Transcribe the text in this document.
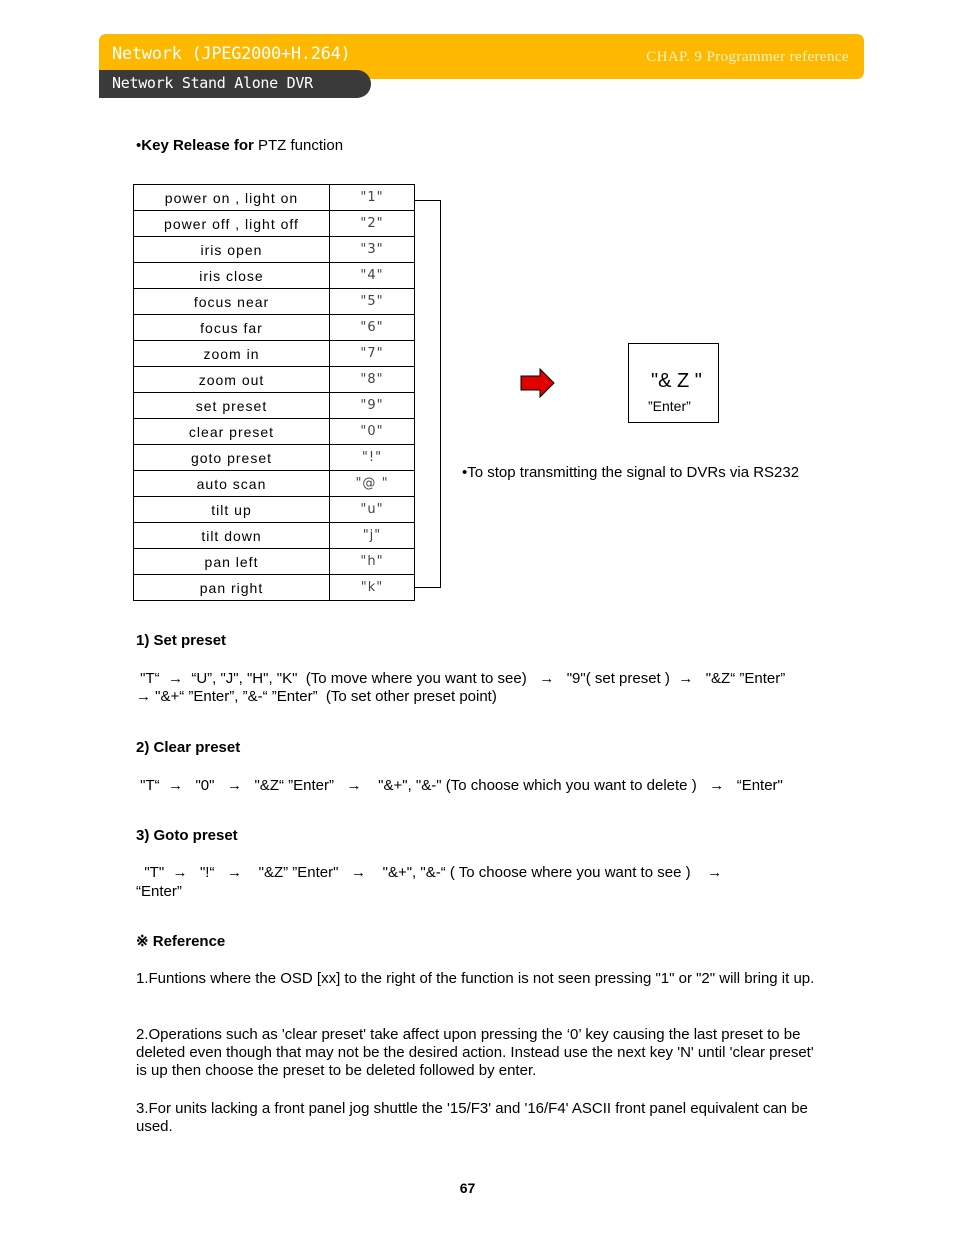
Network (JPEG2000+H.264)	CHAP. 9 Programmer reference
Network Stand Alone DVR
•Key Release for PTZ function
power on , light on	"1"
power off , light off	"2"
iris open	"3"
iris close	"4"
focus near	"5"
focus far	"6"
zoom in	"7"
zoom out	"8"
set preset	"9"
clear preset	"0"
goto preset	"!"
auto scan	"@ "
tilt up	"u"
tilt down	"j"
pan left	"h"
pan right	"k"
"& Z "
”Enter”
•To stop transmitting the signal to DVRs via RS232
1) Set preset
"T“  →  “U”, "J", "H", "K"  (To move where you want to see)   →   "9"( set preset )  →   "&Z“ ”Enter”
→ "&+“ ”Enter”, ”&-“ ”Enter”  (To set other preset point)
2) Clear preset
"T“  →   "0"   →   "&Z“ ”Enter”   →    "&+", "&-" (To choose which you want to delete )   →   “Enter"
3) Goto preset
"T"  →   "!“   →    "&Z” ”Enter"   →    "&+", "&-“ ( To choose where you want to see )    →
“Enter”
※ Reference
1.Funtions where the OSD [xx] to the right of the function is not seen pressing "1" or "2" will bring it up.
2.Operations such as 'clear preset' take affect upon pressing the ‘0’ key causing the last preset to be deleted even though that may not be the desired action. Instead use the next key 'N' until 'clear preset' is up then choose the preset to be deleted followed by enter.
3.For units lacking a front panel jog shuttle the '15/F3' and '16/F4' ASCII front panel equivalent can be used.
67
